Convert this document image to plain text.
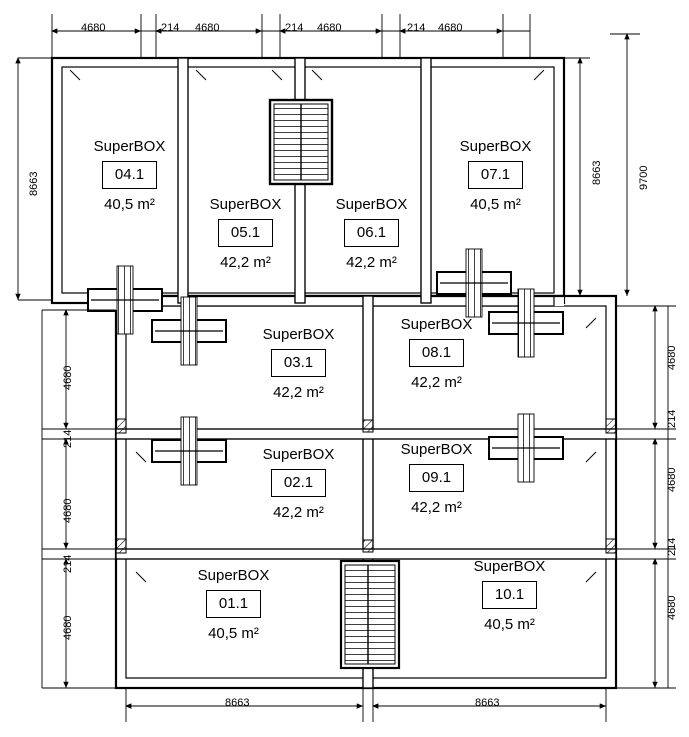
SuperBOX
04.1
40,5 m²	SuperBOX
05.1
42,2 m²
SuperBOX
06.1
42,2 m²
SuperBOX
07.1
40,5 m²
SuperBOX
03.1
42,2 m²
SuperBOX
08.1
42,2 m²
SuperBOX
02.1
42,2 m²
SuperBOX
09.1
42,2 m²
SuperBOX
01.1
40,5 m²
SuperBOX
10.1
40,5 m²
4680	214 4680	214 4680	214 4680
8663
4680
214
4680
214
4680
8663	9700
4680
214
4680
214
4680
8663	8663
